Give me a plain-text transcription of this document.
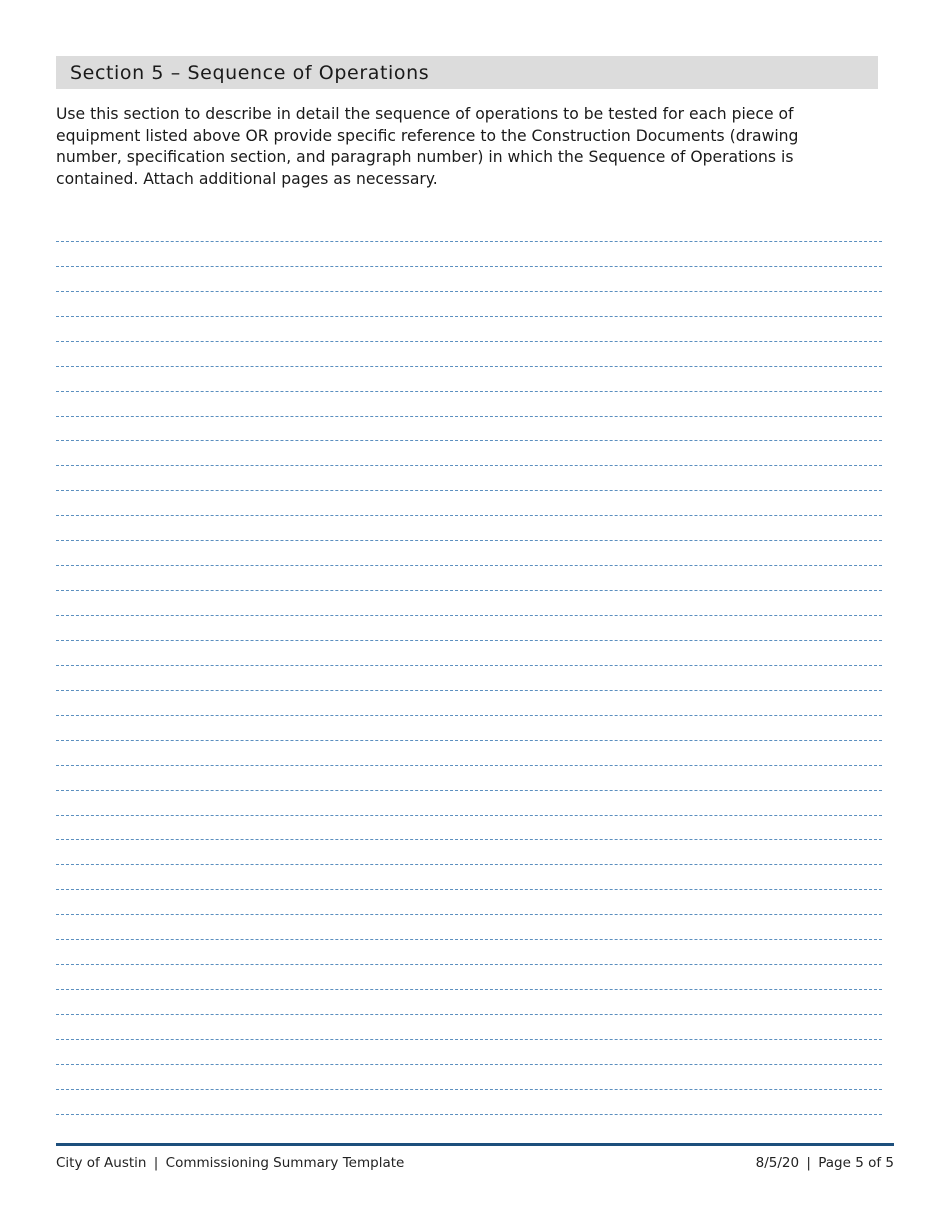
Section 5 – Sequence of Operations
Use this section to describe in detail the sequence of operations to be tested for each piece of equipment listed above OR provide specific reference to the Construction Documents (drawing number, specification section, and paragraph number) in which the Sequence of Operations is contained. Attach additional pages as necessary.
City of Austin | Commissioning Summary Template	8/5/20 | Page 5 of 5
